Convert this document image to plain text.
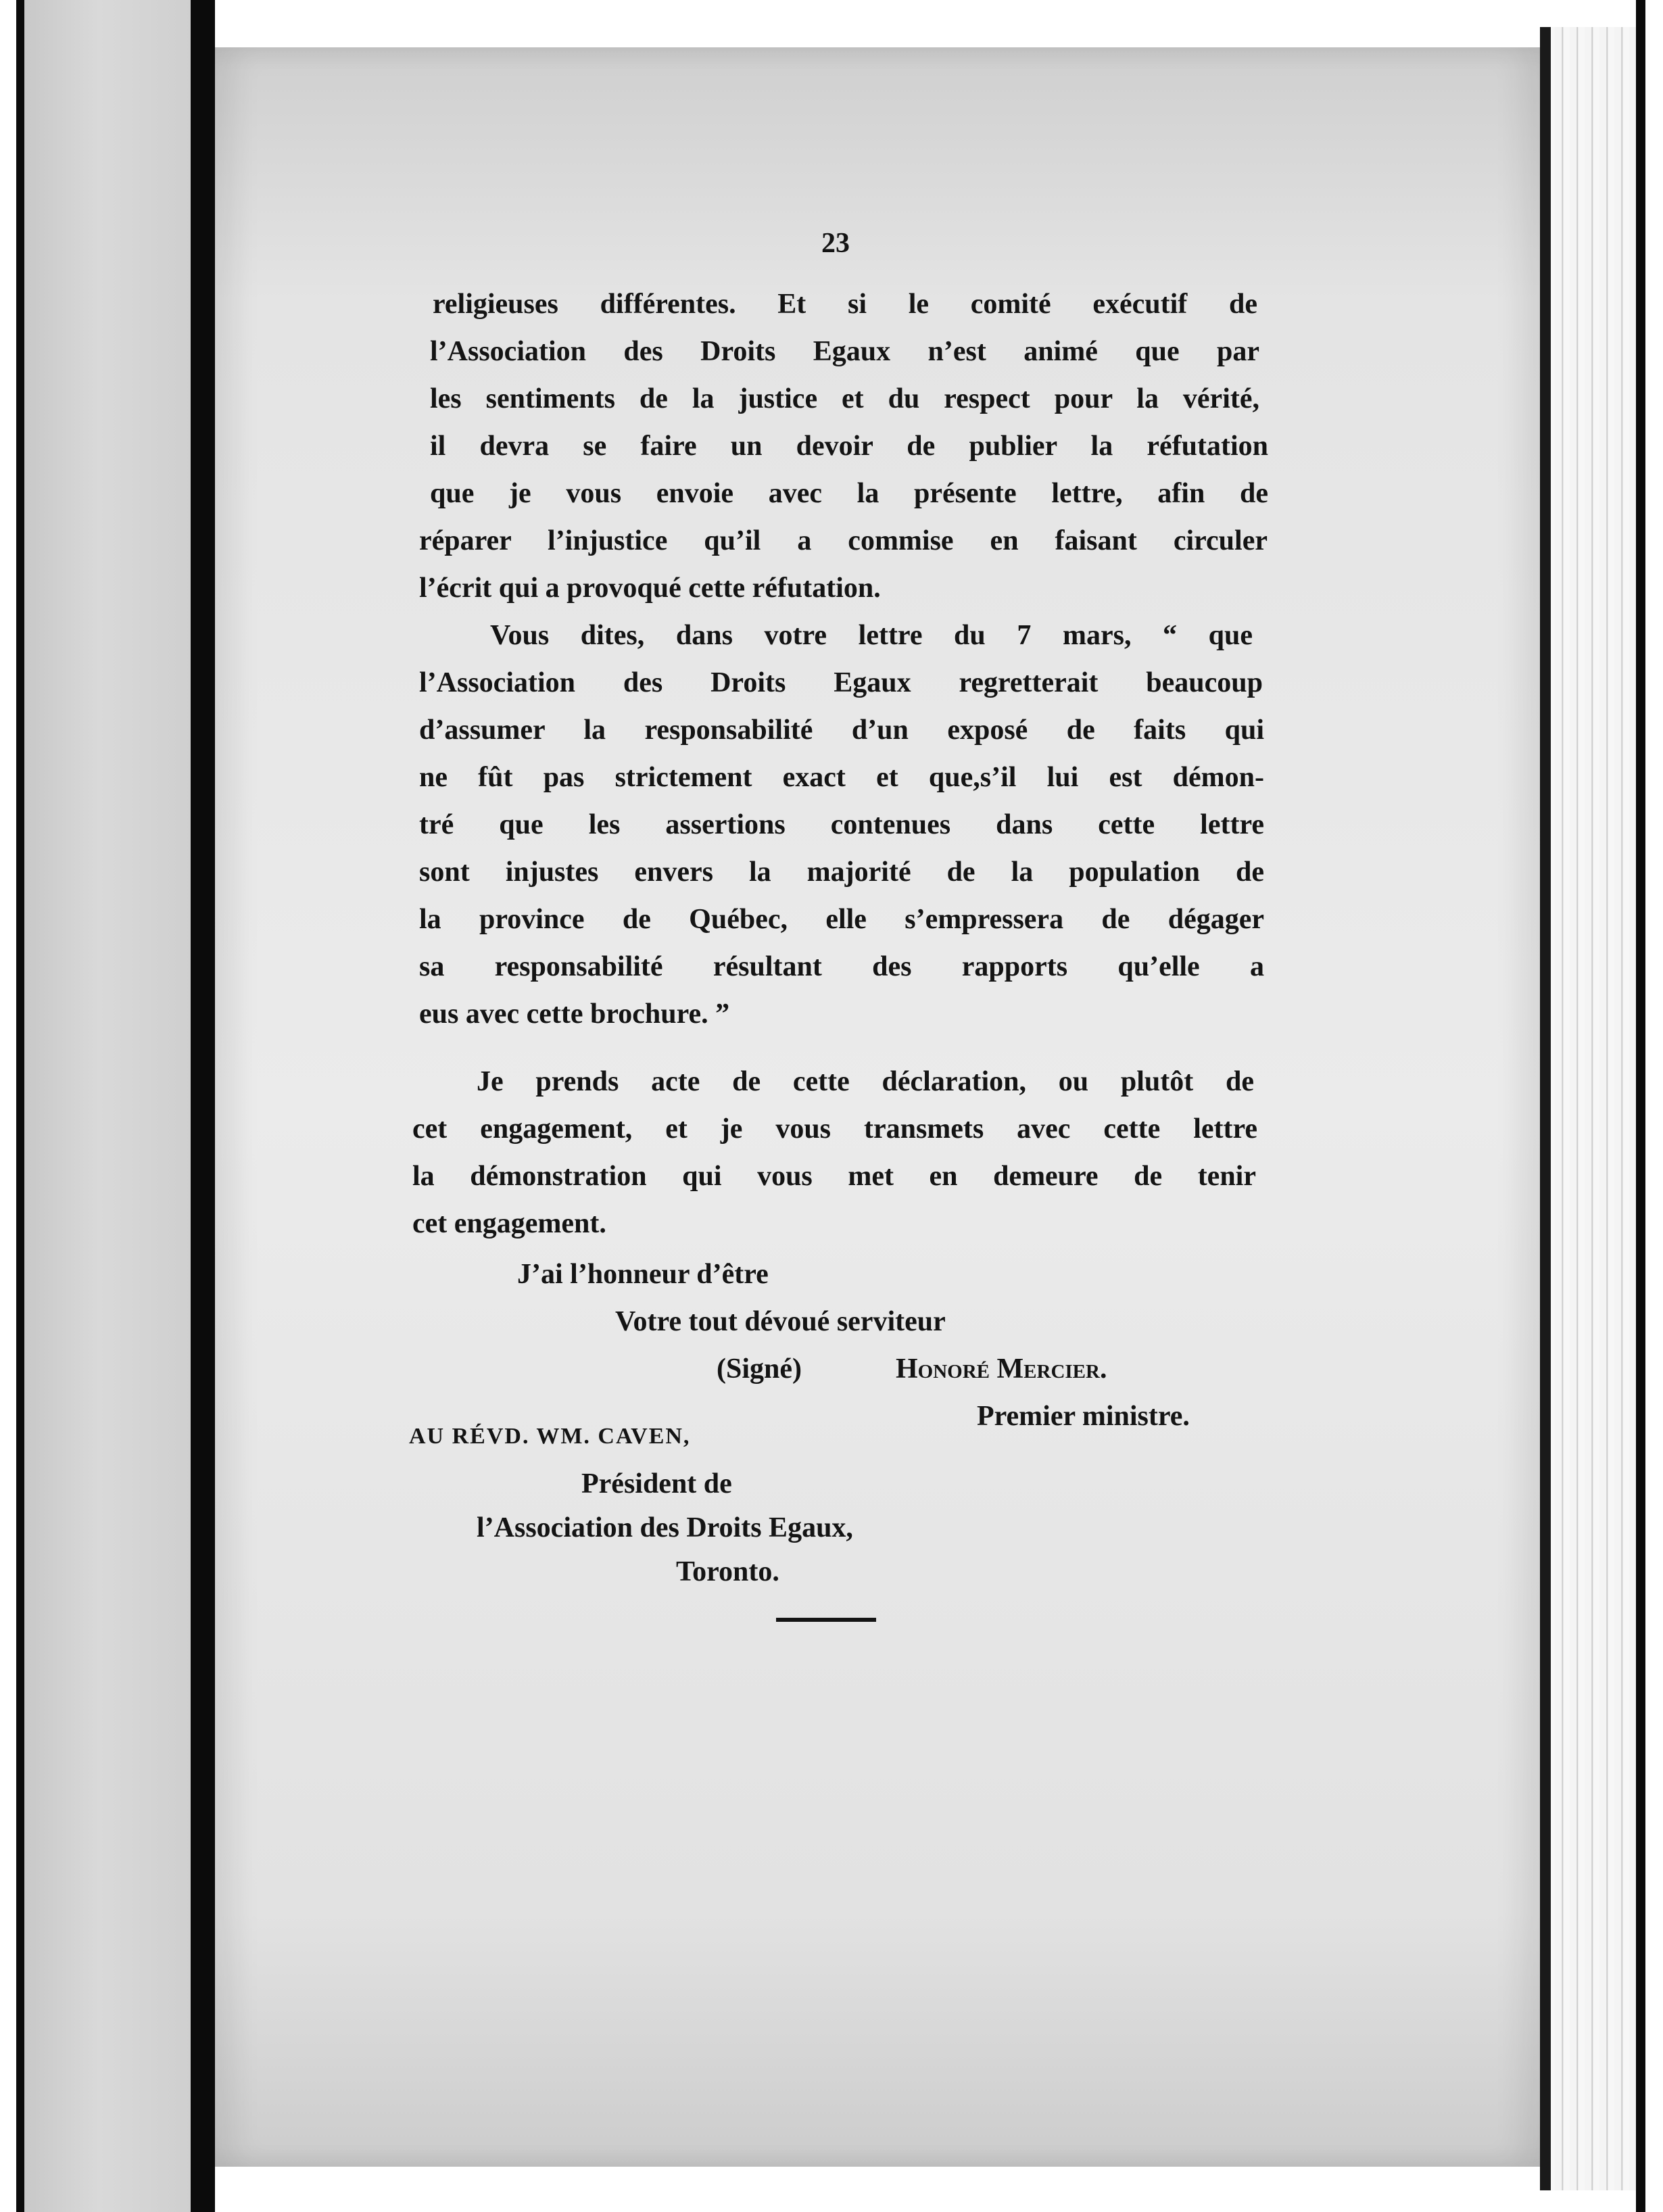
23
religieuses différentes. Et si le comité exécutif de
l’Association des Droits Egaux n’est animé que par
les sentiments de la justice et du respect pour la vérité,
il devra se faire un devoir de publier la réfutation
que je vous envoie avec la présente lettre, afin de
réparer l’injustice qu’il a commise en faisant circuler
l’écrit qui a provoqué cette réfutation.
Vous dites, dans votre lettre du 7 mars, “ que
l’Association des Droits Egaux regretterait beaucoup
d’assumer la responsabilité d’un exposé de faits qui
ne fût pas strictement exact et que,s’il lui est démon-
tré que les assertions contenues dans cette lettre
sont injustes envers la majorité de la population de
la province de Québec, elle s’empressera de dégager
sa responsabilité résultant des rapports qu’elle a
eus avec cette brochure. ”
Je prends acte de cette déclaration, ou plutôt de
cet engagement, et je vous transmets avec cette lettre
la démonstration qui vous met en demeure de tenir
cet engagement.
J’ai l’honneur d’être
Votre tout dévoué serviteur
(Signé)	Honoré Mercier.
Premier ministre.
AU RÉVD. WM. CAVEN,
Président de
l’Association des Droits Egaux,
Toronto.
